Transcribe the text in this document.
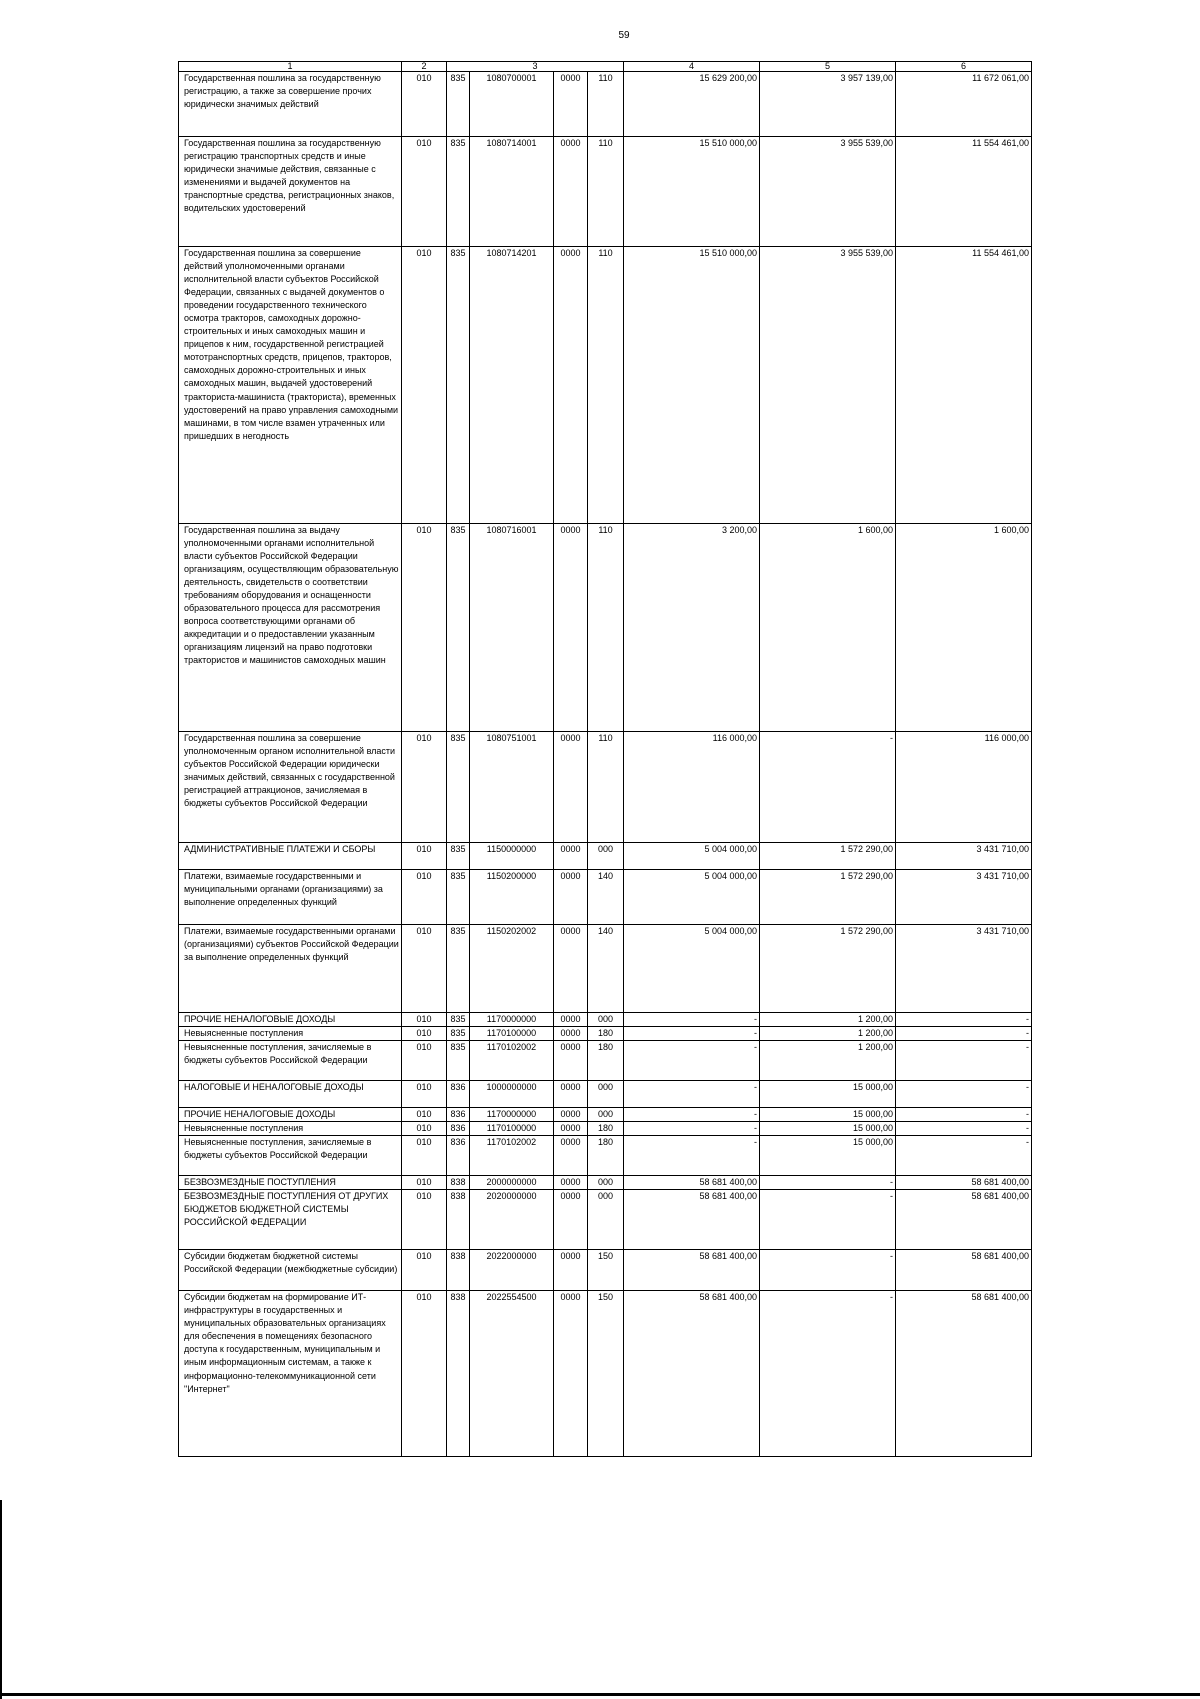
59
1	2	3				4	5	6
Государственная пошлина за государственную регистрацию, а также за совершение прочих юридически значимых действий	010	835	1080700001	0000	110	15 629 200,00	3 957 139,00	11 672 061,00
Государственная пошлина за государственную регистрацию транспортных средств и иные юридически значимые действия, связанные с изменениями и выдачей документов на транспортные средства, регистрационных знаков, водительских удостоверений	010	835	1080714001	0000	110	15 510 000,00	3 955 539,00	11 554 461,00
Государственная пошлина за совершение действий уполномоченными органами исполнительной власти субъектов Российской Федерации, связанных с выдачей документов о проведении государственного технического осмотра тракторов, самоходных дорожно-строительных и иных самоходных машин и прицепов к ним, государственной регистрацией мототранспортных средств, прицепов, тракторов, самоходных дорожно-строительных и иных самоходных машин, выдачей удостоверений тракториста-машиниста (тракториста), временных удостоверений на право управления самоходными машинами, в том числе взамен утраченных или пришедших в негодность	010	835	1080714201	0000	110	15 510 000,00	3 955 539,00	11 554 461,00
Государственная пошлина за выдачу уполномоченными органами исполнительной власти субъектов Российской Федерации организациям, осуществляющим образовательную деятельность, свидетельств о соответствии требованиям оборудования и оснащенности образовательного процесса для рассмотрения вопроса соответствующими органами об аккредитации и о предоставлении указанным организациям лицензий на право подготовки трактористов и машинистов самоходных машин	010	835	1080716001	0000	110	3 200,00	1 600,00	1 600,00
Государственная пошлина за совершение уполномоченным органом исполнительной власти субъектов Российской Федерации юридически значимых действий, связанных с государственной регистрацией аттракционов, зачисляемая в бюджеты субъектов Российской Федерации	010	835	1080751001	0000	110	116 000,00	-	116 000,00
АДМИНИСТРАТИВНЫЕ ПЛАТЕЖИ И СБОРЫ	010	835	1150000000	0000	000	5 004 000,00	1 572 290,00	3 431 710,00
Платежи, взимаемые государственными и муниципальными органами (организациями) за выполнение определенных функций	010	835	1150200000	0000	140	5 004 000,00	1 572 290,00	3 431 710,00
Платежи, взимаемые государственными органами (организациями) субъектов Российской Федерации за выполнение определенных функций	010	835	1150202002	0000	140	5 004 000,00	1 572 290,00	3 431 710,00
ПРОЧИЕ НЕНАЛОГОВЫЕ ДОХОДЫ	010	835	1170000000	0000	000	-	1 200,00	-
Невыясненные поступления	010	835	1170100000	0000	180	-	1 200,00	-
Невыясненные поступления, зачисляемые в бюджеты субъектов Российской Федерации	010	835	1170102002	0000	180	-	1 200,00	-
НАЛОГОВЫЕ И НЕНАЛОГОВЫЕ ДОХОДЫ	010	836	1000000000	0000	000	-	15 000,00	-
ПРОЧИЕ НЕНАЛОГОВЫЕ ДОХОДЫ	010	836	1170000000	0000	000	-	15 000,00	-
Невыясненные поступления	010	836	1170100000	0000	180	-	15 000,00	-
Невыясненные поступления, зачисляемые в бюджеты субъектов Российской Федерации	010	836	1170102002	0000	180	-	15 000,00	-
БЕЗВОЗМЕЗДНЫЕ ПОСТУПЛЕНИЯ	010	838	2000000000	0000	000	58 681 400,00	-	58 681 400,00
БЕЗВОЗМЕЗДНЫЕ ПОСТУПЛЕНИЯ ОТ ДРУГИХ БЮДЖЕТОВ БЮДЖЕТНОЙ СИСТЕМЫ РОССИЙСКОЙ ФЕДЕРАЦИИ	010	838	2020000000	0000	000	58 681 400,00	-	58 681 400,00
Субсидии бюджетам бюджетной системы Российской Федерации (межбюджетные субсидии)	010	838	2022000000	0000	150	58 681 400,00	-	58 681 400,00
Субсидии бюджетам на формирование ИТ-инфраструктуры в государственных и муниципальных образовательных организациях для обеспечения в помещениях безопасного доступа к государственным, муниципальным и иным информационным системам, а также к информационно-телекоммуникационной сети "Интернет"	010	838	2022554500	0000	150	58 681 400,00	-	58 681 400,00
